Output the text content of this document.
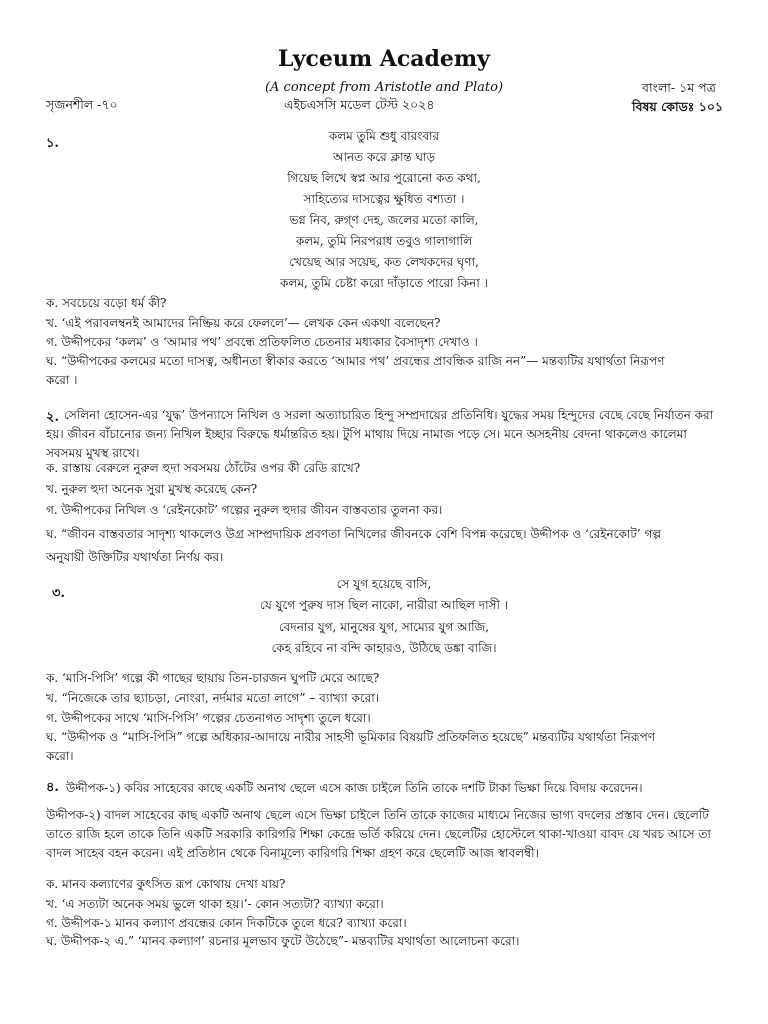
Lyceum Academy
(A concept from Aristotle and Plato)
সৃজনশীল -৭০	এইচএসসি মডেল টেস্ট ২০২৪
বাংলা- ১ম পত্র
বিষয় কোডঃ ১০১
১.	কলম তুমি শুধু বারংবার
আনত করে ক্লান্ত ঘাড়
গিয়েছ লিখে স্বপ্ন আর পুরোনো কত কথা,
সাহিত্যের দাসত্বের ক্ষুধিত বশ্যতা ।
ভগ্ন নিব, রুগ্ণ দেহ, জলের মতো কালি,
কলম, তুমি নিরপরাধ তবুও গালাগালি
খেয়েছ আর সয়েছ, কত লেখকদের ঘৃণা,
কলম, তুমি চেষ্টা করো দাঁড়াতে পারো কিনা ।
ক. সবচেয়ে বড়ো ধর্ম কী?
খ. ‘এই পরাবলম্বনই আমাদের নিষ্ক্রিয় করে ফেললে’— লেখক কেন একথা বলেছেন?
গ. উদ্দীপকের ‘কলম’ ও ‘আমার পথ’ প্রবন্ধে প্রতিফলিত চেতনার মধ্যকার বৈসাদৃশ্য দেখাও ।
ঘ. “উদ্দীপকের কলমের মতো দাসত্ব, অধীনতা স্বীকার করতে ‘আমার পথ’ প্রবন্ধের প্রাবন্ধিক রাজি নন”— মন্তব্যটির যথার্থতা নিরূপণ
করো ।
২. সেলিনা হোসেন-এর ‘যুদ্ধ’ উপন্যাসে নিখিল ও সরলা অত্যাচারিত হিন্দু সম্প্রদায়ের প্রতিনিধি। যুদ্ধের সময় হিন্দুদের বেছে বেছে নির্যাতন করা হয়। জীবন বাঁচানোর জন্য নিখিল ইচ্ছার বিরুদ্ধে ধর্মান্তরিত হয়। টুপি মাথায় দিয়ে নামাজ পড়ে সে। মনে অসহনীয় বেদনা থাকলেও কালেমা সবসময় মুখস্থ রাখে।
ক. রাস্তায় বেরুলে নুরুল হুদা সবসময় ঠোঁটের ওপর কী রেডি রাখে?
খ. নুরুল হুদা অনেক সুরা মুখস্থ করেছে কেন?
গ. উদ্দীপকের নিখিল ও ‘রেইনকোট’ গল্পের নুরুল হুদার জীবন বাস্তবতার তুলনা কর।
ঘ. “জীবন বাস্তবতার সাদৃশ্য থাকলেও উগ্র সাম্প্রদায়িক প্রবণতা নিখিলের জীবনকে বেশি বিপন্ন করেছে। উদ্দীপক ও ‘রেইনকোট’ গল্প
অনুযায়ী উক্তিটির যথার্থতা নির্ণয় কর।
৩.
সে যুগ হয়েছে বাসি,
যে যুগে পুরুষ দাস ছিল নাকো, নারীরা আছিল দাসী ।
বেদনার যুগ, মানুষের যুগ, সাম্যের যুগ আজি,
কেহ রহিবে না বন্দি কাহারও, উঠিছে ডঙ্কা বাজি।
ক. ‘মাসি-পিসি’ গল্পে কী গাছের ছায়ায় তিন-চারজন ঘুপটি মেরে আছে?
খ. “নিজেকে তার ছ্যাচড়া, নোংরা, নর্দমার মতো লাগে” – ব্যাখ্যা করো।
গ. উদ্দীপকের সাথে ‘মাসি-পিসি’ গল্পের চেতনাগত সাদৃশ্য তুলে ধরো।
ঘ. “উদ্দীপক ও “মাসি-পিসি” গল্পে অধিকার-আদায়ে নারীর সাহসী ভূমিকার বিষয়টি প্রতিফলিত হয়েছে” মন্তব্যটির যথার্থতা নিরূপণ
করো।
৪. উদ্দীপক-১) কবির সাহেবের কাছে একটি অনাথ ছেলে এসে কাজ চাইলে তিনি তাকে দশটি টাকা ভিক্ষা দিয়ে বিদায় করেদেন।
উদ্দীপক-২) বাদল সাহেবের কাছ একটি অনাথ ছেলে এসে ভিক্ষা চাইলে তিনি তাকে কাজের মাধ্যমে নিজের ভাগ্য বদলের প্রস্তাব দেন। ছেলেটি তাতে রাজি হলে তাকে তিনি একটি সরকারি কারিগরি শিক্ষা কেন্দ্রে ভর্তি করিয়ে দেন। ছেলেটির হোস্টেলে থাকা-খাওয়া বাবদ যে খরচ আসে তা বাদল সাহেব বহন করেন। এই প্রতিষ্ঠান থেকে বিনামূল্যে কারিগরি শিক্ষা গ্রহণ করে ছেলেটি আজ স্বাবলম্বী।
ক. মানব কল্যাণের কুৎসিত রূপ কোথায় দেখা যায়?
খ. ‘এ সত্যটা অনেক সময় ভুলে থাকা হয়।’- কোন সত্যটা? ব্যাখ্যা করো।
গ. উদ্দীপক-১ মানব কল্যাণ প্রবন্ধের কোন দিকটিকে তুলে ধরে? ব্যাখ্যা করো।
ঘ. উদ্দীপক-২ এ.” ‘মানব কল্যাণ’ রচনার মূলভাব ফুটে উঠেছে”- মন্তব্যটির যথার্থতা আলোচনা করো।
